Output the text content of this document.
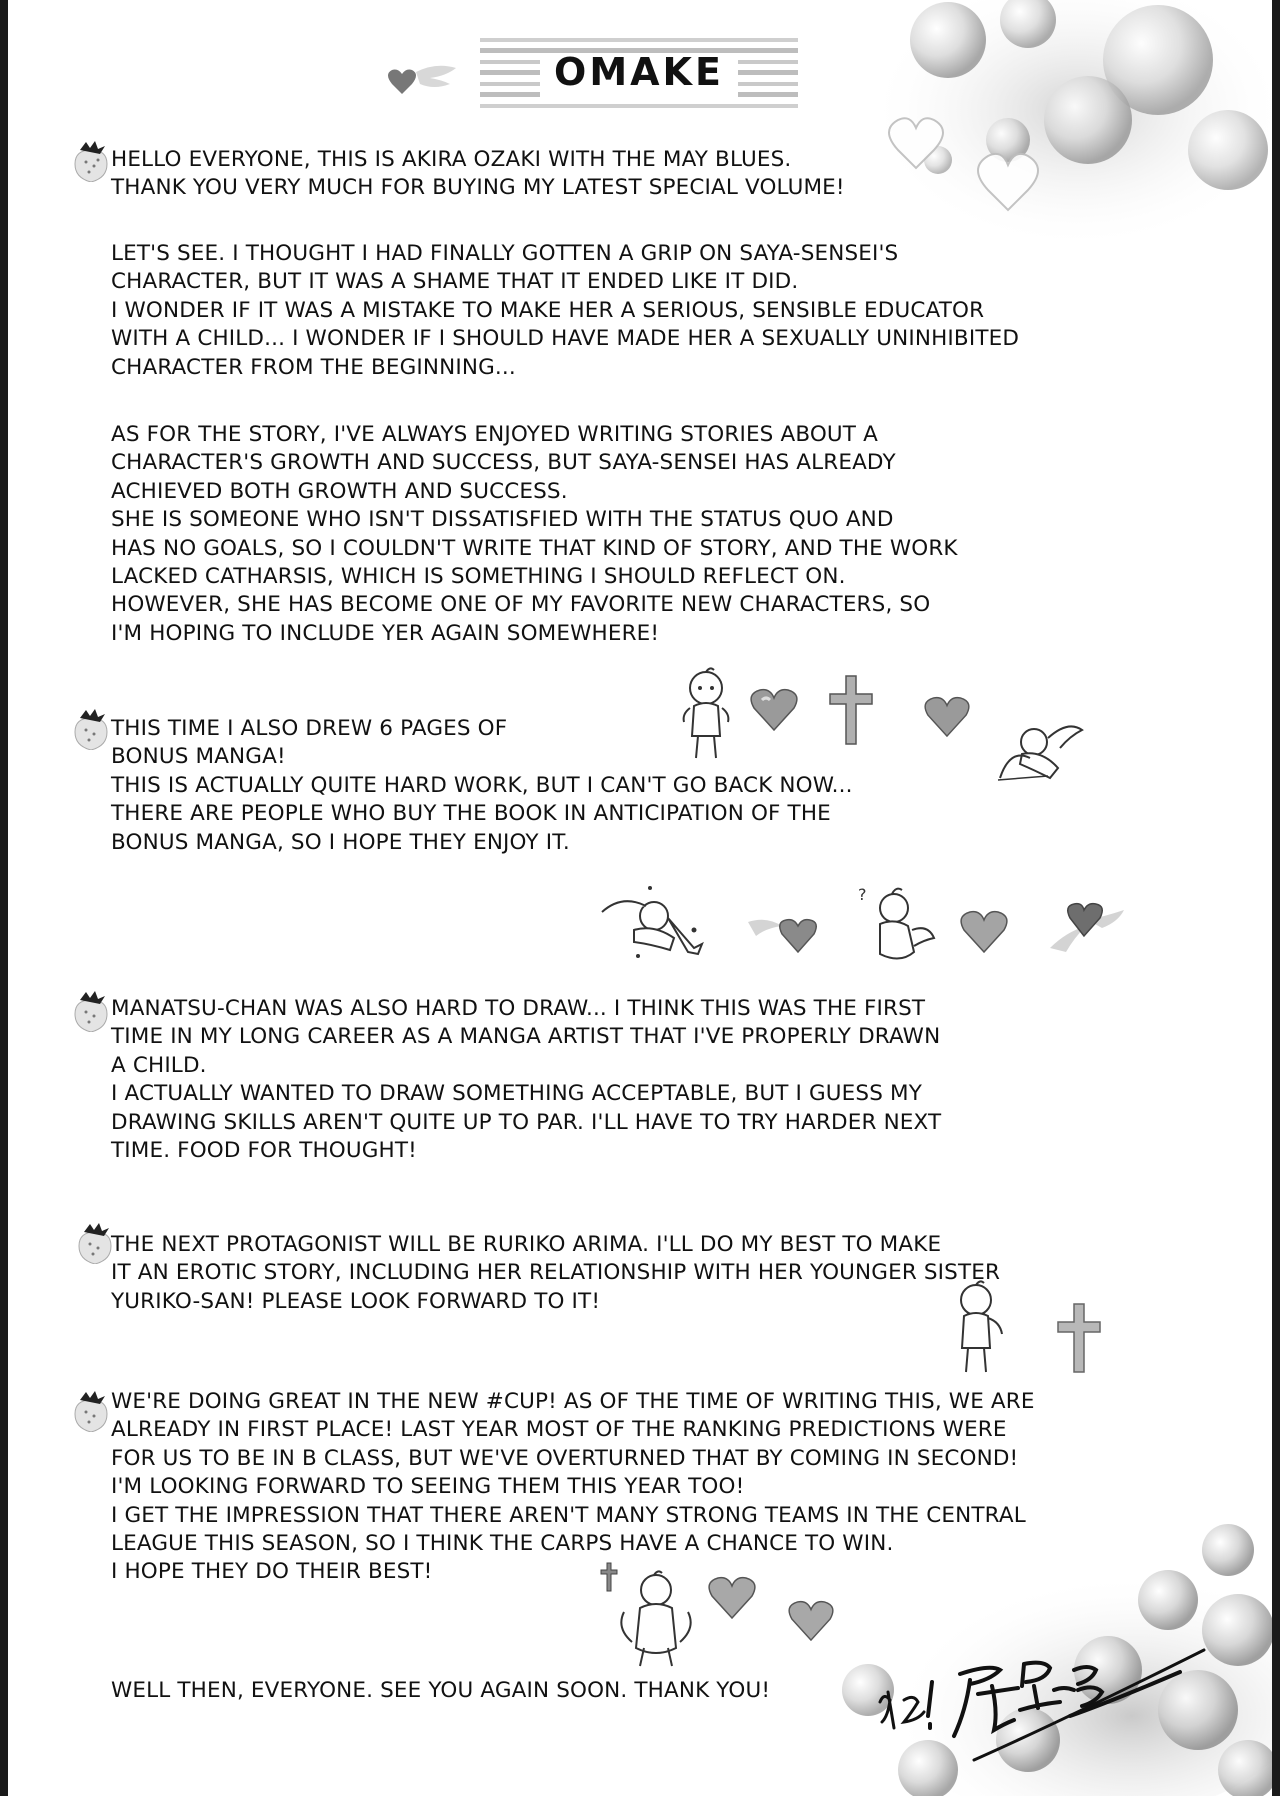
OMAKE

HELLO EVERYONE, THIS IS AKIRA OZAKI WITH THE MAY BLUES.
THANK YOU VERY MUCH FOR BUYING MY LATEST SPECIAL VOLUME!

LET'S SEE. I THOUGHT I HAD FINALLY GOTTEN A GRIP ON SAYA-SENSEI'S
CHARACTER, BUT IT WAS A SHAME THAT IT ENDED LIKE IT DID.
I WONDER IF IT WAS A MISTAKE TO MAKE HER A SERIOUS, SENSIBLE EDUCATOR
WITH A CHILD... I WONDER IF I SHOULD HAVE MADE HER A SEXUALLY UNINHIBITED
CHARACTER FROM THE BEGINNING...

AS FOR THE STORY, I'VE ALWAYS ENJOYED WRITING STORIES ABOUT A
CHARACTER'S GROWTH AND SUCCESS, BUT SAYA-SENSEI HAS ALREADY
ACHIEVED BOTH GROWTH AND SUCCESS.
SHE IS SOMEONE WHO ISN'T DISSATISFIED WITH THE STATUS QUO AND
HAS NO GOALS, SO I COULDN'T WRITE THAT KIND OF STORY, AND THE WORK
LACKED CATHARSIS, WHICH IS SOMETHING I SHOULD REFLECT ON.
HOWEVER, SHE HAS BECOME ONE OF MY FAVORITE NEW CHARACTERS, SO
I'M HOPING TO INCLUDE YER AGAIN SOMEWHERE!

THIS TIME I ALSO DREW 6 PAGES OF
BONUS MANGA!
THIS IS ACTUALLY QUITE HARD WORK, BUT I CAN'T GO BACK NOW...
THERE ARE PEOPLE WHO BUY THE BOOK IN ANTICIPATION OF THE
BONUS MANGA, SO I HOPE THEY ENJOY IT.

MANATSU-CHAN WAS ALSO HARD TO DRAW... I THINK THIS WAS THE FIRST
TIME IN MY LONG CAREER AS A MANGA ARTIST THAT I'VE PROPERLY DRAWN
A CHILD.
I ACTUALLY WANTED TO DRAW SOMETHING ACCEPTABLE, BUT I GUESS MY
DRAWING SKILLS AREN'T QUITE UP TO PAR. I'LL HAVE TO TRY HARDER NEXT
TIME. FOOD FOR THOUGHT!

THE NEXT PROTAGONIST WILL BE RURIKO ARIMA. I'LL DO MY BEST TO MAKE
IT AN EROTIC STORY, INCLUDING HER RELATIONSHIP WITH HER YOUNGER SISTER
YURIKO-SAN! PLEASE LOOK FORWARD TO IT!

WE'RE DOING GREAT IN THE NEW #CUP! AS OF THE TIME OF WRITING THIS, WE ARE
ALREADY IN FIRST PLACE! LAST YEAR MOST OF THE RANKING PREDICTIONS WERE
FOR US TO BE IN B CLASS, BUT WE'VE OVERTURNED THAT BY COMING IN SECOND!
I'M LOOKING FORWARD TO SEEING THEM THIS YEAR TOO!
I GET THE IMPRESSION THAT THERE AREN'T MANY STRONG TEAMS IN THE CENTRAL
LEAGUE THIS SEASON, SO I THINK THE CARPS HAVE A CHANCE TO WIN.
I HOPE THEY DO THEIR BEST!

WELL THEN, EVERYONE. SEE YOU AGAIN SOON. THANK YOU!

?
